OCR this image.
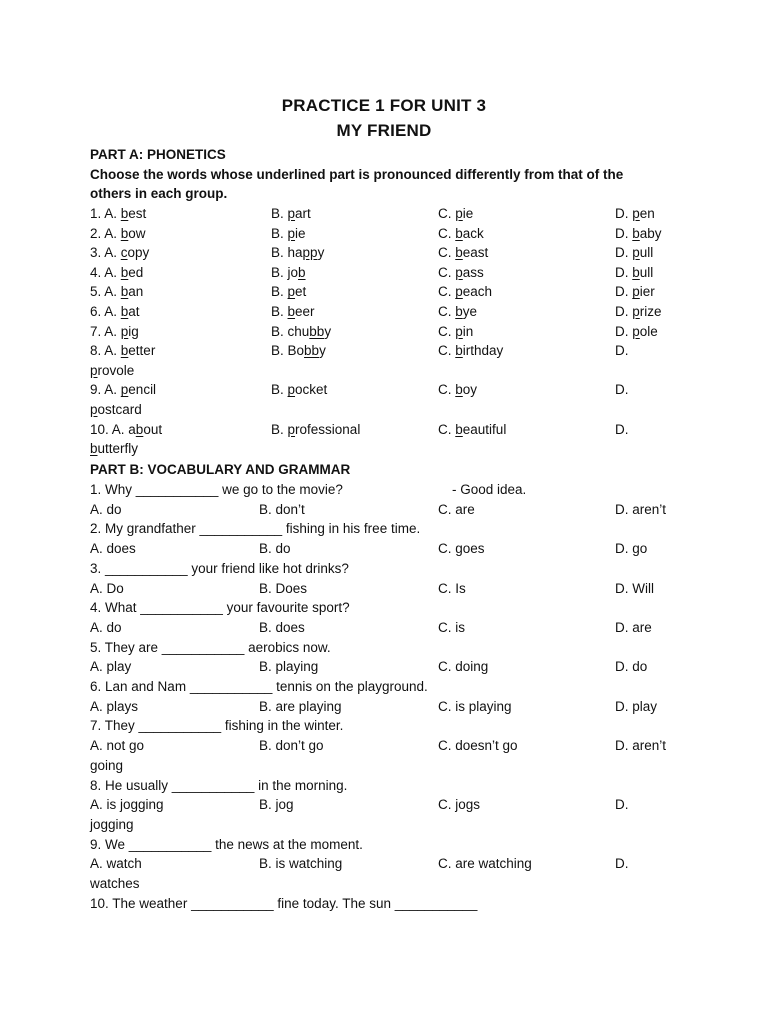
PRACTICE 1 FOR UNIT 3
MY FRIEND
PART A: PHONETICS
Choose the words whose underlined part is pronounced differently from that of the
others in each group.
1. A. best	B. part	C. pie	D. pen
2. A. bow	B. pie	C. back	D. baby
3. A. copy	B. happy	C. beast	D. pull
4. A. bed	B. job	C. pass	D. bull
5. A. ban	B. pet	C. peach	D. pier
6. A. bat	B. beer	C. bye	D. prize
7. A. pig	B. chubby	C. pin	D. pole
8. A. better	B. Bobby	C. birthday	D.
provole
9. A. pencil	B. pocket	C. boy	D.
postcard
10. A. about	B. professional	C. beautiful	D.
butterfly
PART B: VOCABULARY AND GRAMMAR
1. Why ___________ we go to the movie?	- Good idea.
A. do	B. don’t	C. are	D. aren’t
2. My grandfather ___________ fishing in his free time.
A. does	B. do	C. goes	D. go
3. ___________ your friend like hot drinks?
A. Do	B. Does	C. Is	D. Will
4. What ___________ your favourite sport?
A. do	B. does	C. is	D. are
5. They are ___________ aerobics now.
A. play	B. playing	C. doing	D. do
6. Lan and Nam ___________ tennis on the playground.
A. plays	B. are playing	C. is playing	D. play
7. They ___________ fishing in the winter.
A. not go	B. don’t go	C. doesn’t go	D. aren’t
going
8. He usually ___________ in the morning.
A. is jogging	B. jog	C. jogs	D.
jogging
9. We ___________ the news at the moment.
A. watch	B. is watching	C. are watching	D.
watches
10. The weather ___________ fine today. The sun ___________
